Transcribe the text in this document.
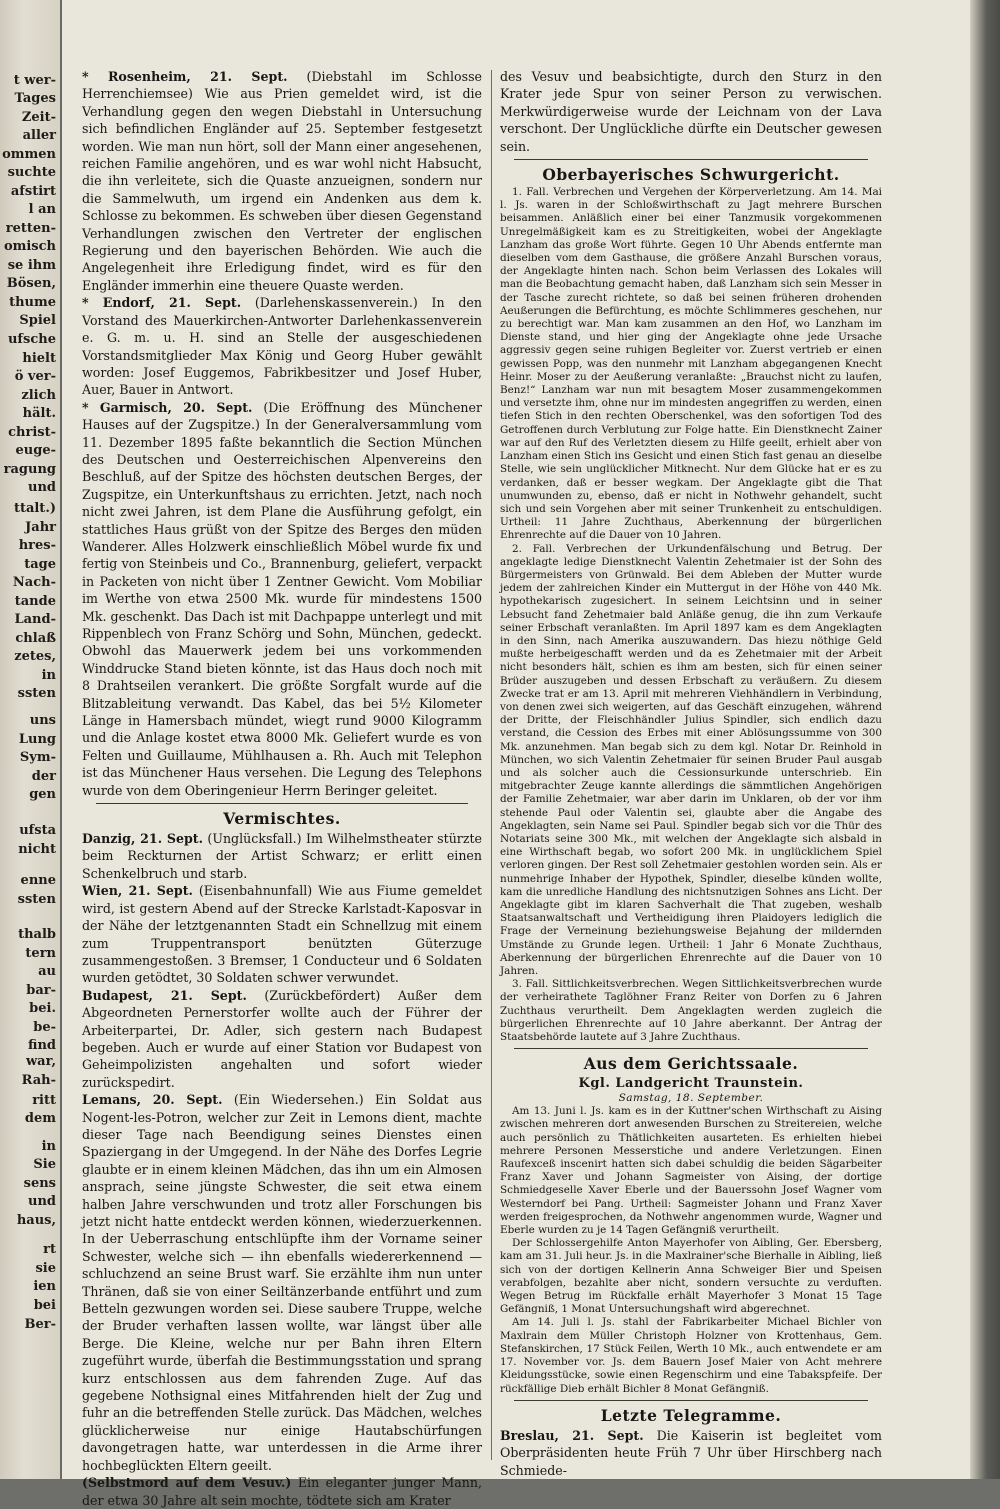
t wer-
Tages
Zeit-
aller
ommen
suchte
afstirt
l an
retten-
omisch
se ihm
Bösen,
thume
Spiel
ufsche
hielt
ö ver-
zlich
hält.
christ-
euge-
ragung
und
ttalt.)
Jahr
hres-
tage
Nach-
tande
Land-
chlaß
zetes,
in
ssten
uns
Lung
Sym-
der
gen
ufsta
nicht
enne
ssten
thalb
tern
au
bar-
bei.
be-
find
war,
Rah-
ritt
dem
in
Sie
sens
und
haus,
rt
sie
ien
bei
Ber-

* Rosenheim, 21. Sept. (Diebstahl im Schlosse Herrenchiemsee) Wie aus Prien gemeldet wird, ist die Verhandlung gegen den wegen Diebstahl in Untersuchung sich befindlichen Engländer auf 25. September festgesetzt worden. Wie man nun hört, soll der Mann einer angesehenen, reichen Familie angehören, und es war wohl nicht Habsucht, die ihn verleitete, sich die Quaste anzueignen, sondern nur die Sammelwuth, um irgend ein Andenken aus dem k. Schlosse zu bekommen. Es schweben über diesen Gegenstand Verhandlungen zwischen den Vertreter der englischen Regierung und den bayerischen Behörden. Wie auch die Angelegenheit ihre Erledigung findet, wird es für den Engländer immerhin eine theuere Quaste werden.

* Endorf, 21. Sept. (Darlehenskassenverein.) In den Vorstand des Mauerkirchen-Antworter Darlehenkassenverein e. G. m. u. H. sind an Stelle der ausgeschiedenen Vorstandsmitglieder Max König und Georg Huber gewählt worden: Josef Euggemos, Fabrikbesitzer und Josef Huber, Auer, Bauer in Antwort.

* Garmisch, 20. Sept. (Die Eröffnung des Münchener Hauses auf der Zugspitze.) In der Generalversammlung vom 11. Dezember 1895 faßte bekanntlich die Section München des Deutschen und Oesterreichischen Alpenvereins den Beschluß, auf der Spitze des höchsten deutschen Berges, der Zugspitze, ein Unterkunftshaus zu errichten. Jetzt, nach noch nicht zwei Jahren, ist dem Plane die Ausführung gefolgt, ein stattliches Haus grüßt von der Spitze des Berges den müden Wanderer. Alles Holzwerk einschließlich Möbel wurde fix und fertig von Steinbeis und Co., Brannenburg, geliefert, verpackt in Packeten von nicht über 1 Zentner Gewicht. Vom Mobiliar im Werthe von etwa 2500 Mk. wurde für mindestens 1500 Mk. geschenkt. Das Dach ist mit Dachpappe unterlegt und mit Rippenblech von Franz Schörg und Sohn, München, gedeckt. Obwohl das Mauerwerk jedem bei uns vorkommenden Winddrucke Stand bieten könnte, ist das Haus doch noch mit 8 Drahtseilen verankert. Die größte Sorgfalt wurde auf die Blitzableitung verwandt. Das Kabel, das bei 5½ Kilometer Länge in Hamersbach mündet, wiegt rund 9000 Kilogramm und die Anlage kostet etwa 8000 Mk. Geliefert wurde es von Felten und Guillaume, Mühlhausen a. Rh. Auch mit Telephon ist das Münchener Haus versehen. Die Legung des Telephons wurde von dem Oberingenieur Herrn Beringer geleitet.

Vermischtes.

Danzig, 21. Sept. (Unglücksfall.) Im Wilhelmstheater stürzte beim Reckturnen der Artist Schwarz; er erlitt einen Schenkelbruch und starb.

Wien, 21. Sept. (Eisenbahnunfall) Wie aus Fiume gemeldet wird, ist gestern Abend auf der Strecke Karlstadt-Kaposvar in der Nähe der letztgenannten Stadt ein Schnellzug mit einem zum Truppentransport benützten Güterzuge zusammengestoßen. 3 Bremser, 1 Conducteur und 6 Soldaten wurden getödtet, 30 Soldaten schwer verwundet.

Budapest, 21. Sept. (Zurückbefördert) Außer dem Abgeordneten Pernerstorfer wollte auch der Führer der Arbeiterpartei, Dr. Adler, sich gestern nach Budapest begeben. Auch er wurde auf einer Station vor Budapest von Geheimpolizisten angehalten und sofort wieder zurückspedirt.

Lemans, 20. Sept. (Ein Wiedersehen.) Ein Soldat aus Nogent-les-Potron, welcher zur Zeit in Lemons dient, machte dieser Tage nach Beendigung seines Dienstes einen Spaziergang in der Umgegend. In der Nähe des Dorfes Legrie glaubte er in einem kleinen Mädchen, das ihn um ein Almosen ansprach, seine jüngste Schwester, die seit etwa einem halben Jahre verschwunden und trotz aller Forschungen bis jetzt nicht hatte entdeckt werden können, wiederzuerkennen. In der Ueberraschung entschlüpfte ihm der Vorname seiner Schwester, welche sich — ihn ebenfalls wiedererkennend — schluchzend an seine Brust warf. Sie erzählte ihm nun unter Thränen, daß sie von einer Seiltänzerbande entführt und zum Betteln gezwungen worden sei. Diese saubere Truppe, welche der Bruder verhaften lassen wollte, war längst über alle Berge. Die Kleine, welche nur per Bahn ihren Eltern zugeführt wurde, überfah die Bestimmungsstation und sprang kurz entschlossen aus dem fahrenden Zuge. Auf das gegebene Nothsignal eines Mitfahrenden hielt der Zug und fuhr an die betreffenden Stelle zurück. Das Mädchen, welches glücklicherweise nur einige Hautabschürfungen davongetragen hatte, war unterdessen in die Arme ihrer hochbeglückten Eltern geeilt.

(Selbstmord auf dem Vesuv.) Ein eleganter junger Mann, der etwa 30 Jahre alt sein mochte, tödtete sich am Krater

des Vesuv und beabsichtigte, durch den Sturz in den Krater jede Spur von seiner Person zu verwischen. Merkwürdigerweise wurde der Leichnam von der Lava verschont. Der Unglückliche dürfte ein Deutscher gewesen sein.

Oberbayerisches Schwurgericht.

1. Fall. Verbrechen und Vergehen der Körperverletzung. Am 14. Mai l. Js. waren in der Schloßwirthschaft zu Jagt mehrere Burschen beisammen. Anläßlich einer bei einer Tanzmusik vorgekommenen Unregelmäßigkeit kam es zu Streitigkeiten, wobei der Angeklagte Lanzham das große Wort führte. Gegen 10 Uhr Abends entfernte man dieselben vom dem Gasthause, die größere Anzahl Burschen voraus, der Angeklagte hinten nach. Schon beim Verlassen des Lokales will man die Beobachtung gemacht haben, daß Lanzham sich sein Messer in der Tasche zurecht richtete, so daß bei seinen früheren drohenden Aeußerungen die Befürchtung, es möchte Schlimmeres geschehen, nur zu berechtigt war. Man kam zusammen an den Hof, wo Lanzham im Dienste stand, und hier ging der Angeklagte ohne jede Ursache aggressiv gegen seine ruhigen Begleiter vor. Zuerst vertrieb er einen gewissen Popp, was den nunmehr mit Lanzham abgegangenen Knecht Heinr. Moser zu der Aeußerung veranlaßte: „Brauchst nicht zu laufen, Benz!“ Lanzham war nun mit besagtem Moser zusammengekommen und versetzte ihm, ohne nur im mindesten angegriffen zu werden, einen tiefen Stich in den rechten Oberschenkel, was den sofortigen Tod des Getroffenen durch Verblutung zur Folge hatte. Ein Dienstknecht Zainer war auf den Ruf des Verletzten diesem zu Hilfe geeilt, erhielt aber von Lanzham einen Stich ins Gesicht und einen Stich fast genau an dieselbe Stelle, wie sein unglücklicher Mitknecht. Nur dem Glücke hat er es zu verdanken, daß er besser wegkam. Der Angeklagte gibt die That unumwunden zu, ebenso, daß er nicht in Nothwehr gehandelt, sucht sich und sein Vorgehen aber mit seiner Trunkenheit zu entschuldigen. Urtheil: 11 Jahre Zuchthaus, Aberkennung der bürgerlichen Ehrenrechte auf die Dauer von 10 Jahren.

2. Fall. Verbrechen der Urkundenfälschung und Betrug. Der angeklagte ledige Dienstknecht Valentin Zehetmaier ist der Sohn des Bürgermeisters von Grünwald. Bei dem Ableben der Mutter wurde jedem der zahlreichen Kinder ein Muttergut in der Höhe von 440 Mk. hypothekarisch zugesichert. In seinem Leichtsinn und in seiner Lebsucht fand Zehetmaier bald Anläße genug, die ihn zum Verkaufe seiner Erbschaft veranlaßten. Im April 1897 kam es dem Angeklagten in den Sinn, nach Amerika auszuwandern. Das hiezu nöthige Geld mußte herbeigeschafft werden und da es Zehetmaier mit der Arbeit nicht besonders hält, schien es ihm am besten, sich für einen seiner Brüder auszugeben und dessen Erbschaft zu veräußern. Zu diesem Zwecke trat er am 13. April mit mehreren Viehhändlern in Verbindung, von denen zwei sich weigerten, auf das Geschäft einzugehen, während der Dritte, der Fleischhändler Julius Spindler, sich endlich dazu verstand, die Cession des Erbes mit einer Ablösungssumme von 300 Mk. anzunehmen. Man begab sich zu dem kgl. Notar Dr. Reinhold in München, wo sich Valentin Zehetmaier für seinen Bruder Paul ausgab und als solcher auch die Cessionsurkunde unterschrieb. Ein mitgebrachter Zeuge kannte allerdings die sämmtlichen Angehörigen der Familie Zehetmaier, war aber darin im Unklaren, ob der vor ihm stehende Paul oder Valentin sei, glaubte aber die Angabe des Angeklagten, sein Name sei Paul. Spindler begab sich vor die Thür des Notariats seine 300 Mk., mit welchen der Angeklagte sich alsbald in eine Wirthschaft begab, wo sofort 200 Mk. in unglücklichem Spiel verloren gingen. Der Rest soll Zehetmaier gestohlen worden sein. Als er nunmehrige Inhaber der Hypothek, Spindler, dieselbe künden wollte, kam die unredliche Handlung des nichtsnutzigen Sohnes ans Licht. Der Angeklagte gibt im klaren Sachverhalt die That zugeben, weshalb Staatsanwaltschaft und Vertheidigung ihren Plaidoyers lediglich die Frage der Verneinung beziehungsweise Bejahung der mildernden Umstände zu Grunde legen. Urtheil: 1 Jahr 6 Monate Zuchthaus, Aberkennung der bürgerlichen Ehrenrechte auf die Dauer von 10 Jahren.

3. Fall. Sittlichkeitsverbrechen. Wegen Sittlichkeitsverbrechen wurde der verheirathete Taglöhner Franz Reiter von Dorfen zu 6 Jahren Zuchthaus verurtheilt. Dem Angeklagten werden zugleich die bürgerlichen Ehrenrechte auf 10 Jahre aberkannt. Der Antrag der Staatsbehörde lautete auf 3 Jahre Zuchthaus.

Aus dem Gerichtssaale.
Kgl. Landgericht Traunstein.
Samstag, 18. September.

Am 13. Juni l. Js. kam es in der Kuttner'schen Wirthschaft zu Aising zwischen mehreren dort anwesenden Burschen zu Streitereien, welche auch persönlich zu Thätlichkeiten ausarteten. Es erhielten hiebei mehrere Personen Messerstiche und andere Verletzungen. Einen Raufexceß inscenirt hatten sich dabei schuldig die beiden Sägarbeiter Franz Xaver und Johann Sagmeister von Aising, der dortige Schmiedgeselle Xaver Eberle und der Bauerssohn Josef Wagner vom Westerndorf bei Pang. Urtheil: Sagmeister Johann und Franz Xaver werden freigesprochen, da Nothwehr angenommen wurde, Wagner und Eberle wurden zu je 14 Tagen Gefängniß verurtheilt.

Der Schlossergehilfe Anton Mayerhofer von Aibling, Ger. Ebersberg, kam am 31. Juli heur. Js. in die Maxlrainer'sche Bierhalle in Aibling, ließ sich von der dortigen Kellnerin Anna Schweiger Bier und Speisen verabfolgen, bezahlte aber nicht, sondern versuchte zu verduften. Wegen Betrug im Rückfalle erhält Mayerhofer 3 Monat 15 Tage Gefängniß, 1 Monat Untersuchungshaft wird abgerechnet.

Am 14. Juli l. Js. stahl der Fabrikarbeiter Michael Bichler von Maxlrain dem Müller Christoph Holzner von Krottenhaus, Gem. Stefanskirchen, 17 Stück Feilen, Werth 10 Mk., auch entwendete er am 17. November vor. Js. dem Bauern Josef Maier von Acht mehrere Kleidungsstücke, sowie einen Regenschirm und eine Tabakspfeife. Der rückfällige Dieb erhält Bichler 8 Monat Gefängniß.

Letzte Telegramme.

Breslau, 21. Sept. Die Kaiserin ist begleitet vom Oberpräsidenten heute Früh 7 Uhr über Hirschberg nach Schmiede-
